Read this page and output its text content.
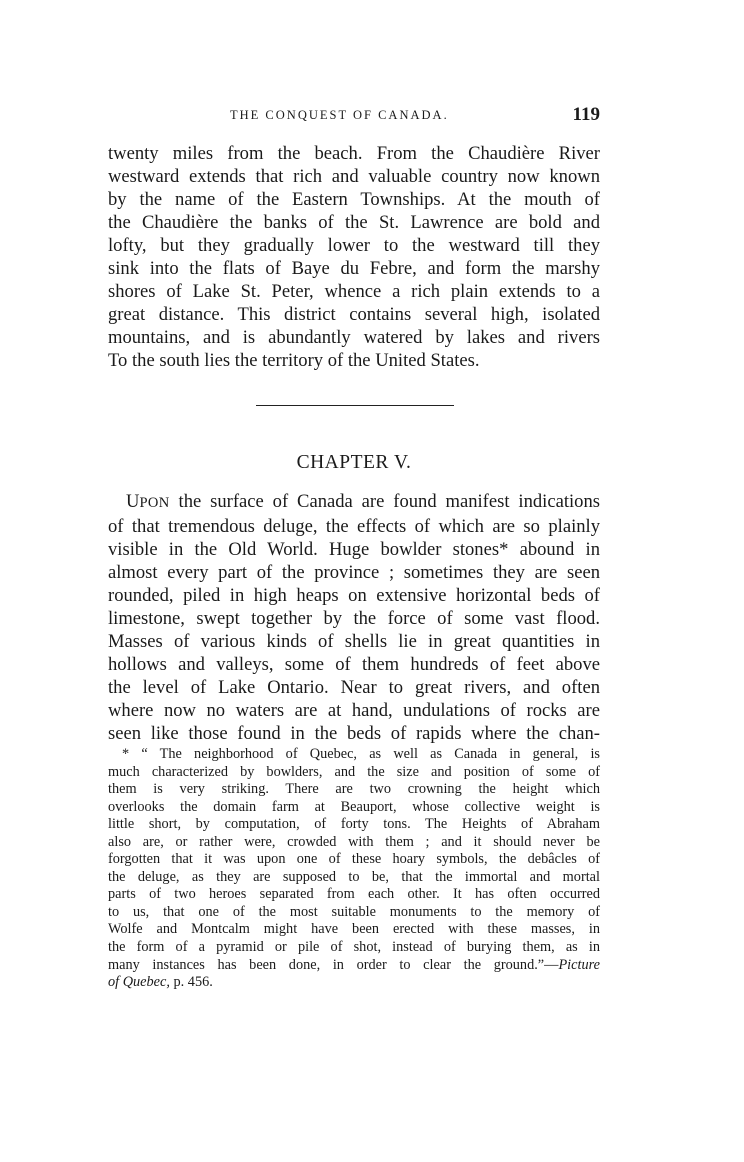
THE CONQUEST OF CANADA.	119

twenty miles from the beach. From the Chaudière River
westward extends that rich and valuable country now known
by the name of the Eastern Townships. At the mouth of
the Chaudière the banks of the St. Lawrence are bold and
lofty, but they gradually lower to the westward till they
sink into the flats of Baye du Febre, and form the marshy
shores of Lake St. Peter, whence a rich plain extends to a
great distance. This district contains several high, isolated
mountains, and is abundantly watered by lakes and rivers
To the south lies the territory of the United States.

CHAPTER V.

UPON the surface of Canada are found manifest indications
of that tremendous deluge, the effects of which are so plainly
visible in the Old World. Huge bowlder stones* abound in
almost every part of the province ; sometimes they are seen
rounded, piled in high heaps on extensive horizontal beds of
limestone, swept together by the force of some vast flood.
Masses of various kinds of shells lie in great quantities in
hollows and valleys, some of them hundreds of feet above
the level of Lake Ontario. Near to great rivers, and often
where now no waters are at hand, undulations of rocks are
seen like those found in the beds of rapids where the chan-

* “ The neighborhood of Quebec, as well as Canada in general, is
much characterized by bowlders, and the size and position of some of
them is very striking. There are two crowning the height which
overlooks the domain farm at Beauport, whose collective weight is
little short, by computation, of forty tons. The Heights of Abraham
also are, or rather were, crowded with them ; and it should never be
forgotten that it was upon one of these hoary symbols, the debâcles of
the deluge, as they are supposed to be, that the immortal and mortal
parts of two heroes separated from each other. It has often occurred
to us, that one of the most suitable monuments to the memory of
Wolfe and Montcalm might have been erected with these masses, in
the form of a pyramid or pile of shot, instead of burying them, as in
many instances has been done, in order to clear the ground.”—Picture
of Quebec, p. 456.
